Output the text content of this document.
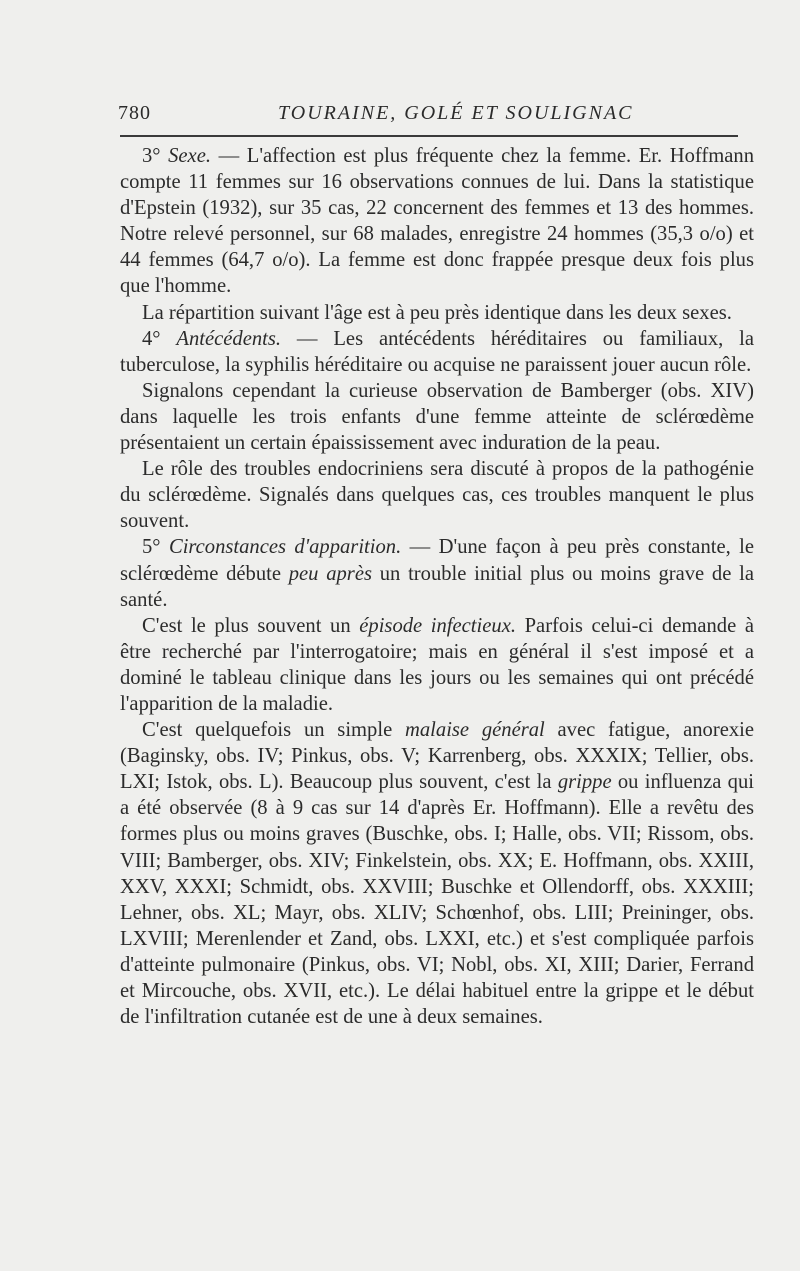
780	TOURAINE, GOLÉ ET SOULIGNAC

3° Sexe. — L'affection est plus fréquente chez la femme. Er. Hoffmann compte 11 femmes sur 16 observations connues de lui. Dans la statistique d'Epstein (1932), sur 35 cas, 22 concernent des femmes et 13 des hommes. Notre relevé personnel, sur 68 malades, enregistre 24 hommes (35,3 o/o) et 44 femmes (64,7 o/o). La femme est donc frappée presque deux fois plus que l'homme.

La répartition suivant l'âge est à peu près identique dans les deux sexes.

4° Antécédents. — Les antécédents héréditaires ou familiaux, la tuberculose, la syphilis héréditaire ou acquise ne paraissent jouer aucun rôle.

Signalons cependant la curieuse observation de Bamberger (obs. XIV) dans laquelle les trois enfants d'une femme atteinte de sclérœdème présentaient un certain épaississement avec induration de la peau.

Le rôle des troubles endocriniens sera discuté à propos de la pathogénie du sclérœdème. Signalés dans quelques cas, ces troubles manquent le plus souvent.

5° Circonstances d'apparition. — D'une façon à peu près constante, le sclérœdème débute peu après un trouble initial plus ou moins grave de la santé.

C'est le plus souvent un épisode infectieux. Parfois celui-ci demande à être recherché par l'interrogatoire; mais en général il s'est imposé et a dominé le tableau clinique dans les jours ou les semaines qui ont précédé l'apparition de la maladie.

C'est quelquefois un simple malaise général avec fatigue, anorexie (Baginsky, obs. IV; Pinkus, obs. V; Karrenberg, obs. XXXIX; Tellier, obs. LXI; Istok, obs. L). Beaucoup plus souvent, c'est la grippe ou influenza qui a été observée (8 à 9 cas sur 14 d'après Er. Hoffmann). Elle a revêtu des formes plus ou moins graves (Buschke, obs. I; Halle, obs. VII; Rissom, obs. VIII; Bamberger, obs. XIV; Finkelstein, obs. XX; E. Hoffmann, obs. XXIII, XXV, XXXI; Schmidt, obs. XXVIII; Buschke et Ollendorff, obs. XXXIII; Lehner, obs. XL; Mayr, obs. XLIV; Schœnhof, obs. LIII; Preininger, obs. LXVIII; Merenlender et Zand, obs. LXXI, etc.) et s'est compliquée parfois d'atteinte pulmonaire (Pinkus, obs. VI; Nobl, obs. XI, XIII; Darier, Ferrand et Mircouche, obs. XVII, etc.). Le délai habituel entre la grippe et le début de l'infiltration cutanée est de une à deux semaines.
